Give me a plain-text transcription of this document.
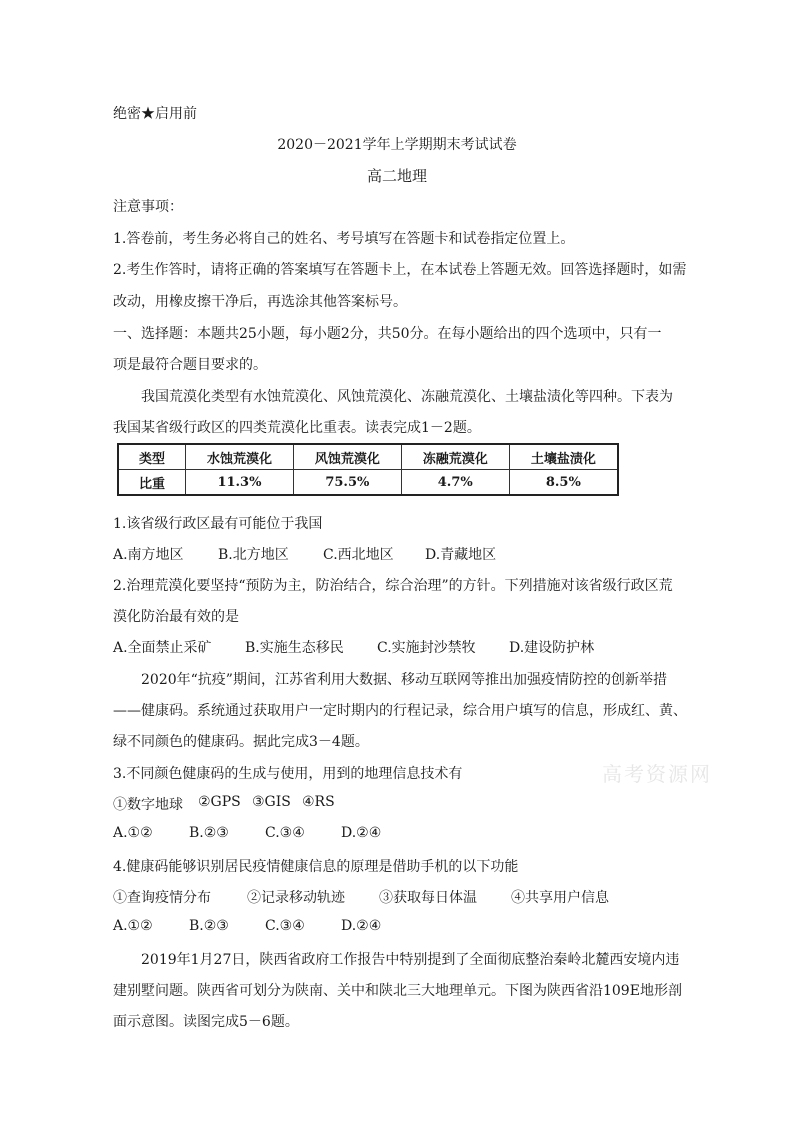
绝密★启用前
2020－2021学年上学期期末考试试卷
高二地理
注意事项：
1.答卷前，考生务必将自己的姓名、考号填写在答题卡和试卷指定位置上。
2.考生作答时，请将正确的答案填写在答题卡上，在本试卷上答题无效。回答选择题时，如需
改动，用橡皮擦干净后，再选涂其他答案标号。
一、选择题：本题共25小题，每小题2分，共50分。在每小题给出的四个选项中，只有一
项是最符合题目要求的。
我国荒漠化类型有水蚀荒漠化、风蚀荒漠化、冻融荒漠化、土壤盐渍化等四种。下表为
我国某省级行政区的四类荒漠化比重表。读表完成1－2题。
类型	水蚀荒漠化	风蚀荒漠化	冻融荒漠化	土壤盐渍化
比重	11.3%	75.5%	4.7%	8.5%
1.该省级行政区最有可能位于我国
A.南方地区 B.北方地区 C.西北地区 D.青藏地区
2.治理荒漠化要坚持“预防为主，防治结合，综合治理”的方针。下列措施对该省级行政区荒
漠化防治最有效的是
A.全面禁止采矿 B.实施生态移民 C.实施封沙禁牧 D.建设防护林
2020年“抗疫”期间，江苏省利用大数据、移动互联网等推出加强疫情防控的创新举措
——健康码。系统通过获取用户一定时期内的行程记录，综合用户填写的信息，形成红、黄、
绿不同颜色的健康码。据此完成3－4题。
3.不同颜色健康码的生成与使用，用到的地理信息技术有
①数字地球 ②GPS ③GIS ④RS
A.①②	B.②③	C.③④	D.②④
4.健康码能够识别居民疫情健康信息的原理是借助手机的以下功能
①查询疫情分布	②记录移动轨迹 ③获取每日体温 ④共享用户信息
A.①②	B.②③	C.③④	D.②④
2019年1月27日，陕西省政府工作报告中特别提到了全面彻底整治秦岭北麓西安境内违
建别墅问题。陕西省可划分为陕南、关中和陕北三大地理单元。下图为陕西省沿109E地形剖
面示意图。读图完成5－6题。
高考资源网
